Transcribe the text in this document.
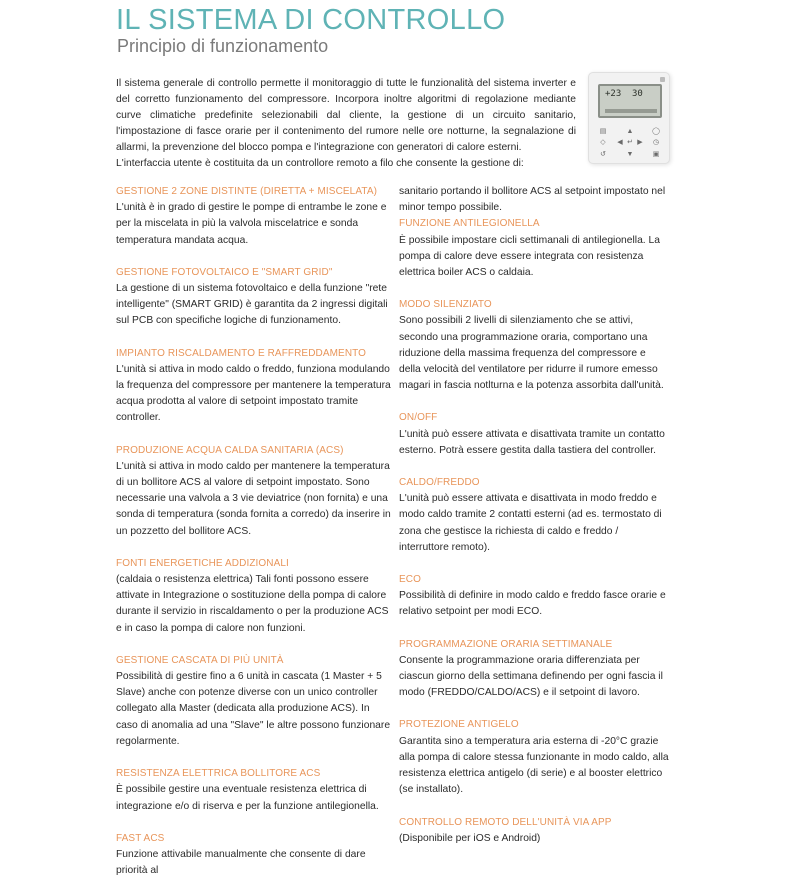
IL SISTEMA DI CONTROLLO
Principio di funzionamento

Il sistema generale di controllo permette il monitoraggio di tutte le funzionalità del sistema inverter e del corretto funzionamento del compressore. Incorpora inoltre algoritmi di regolazione mediante curve climatiche predefinite selezionabili dal cliente, la gestione di un circuito sanitario, l'impostazione di fasce orarie per il contenimento del rumore nelle ore notturne, la segnalazione di allarmi, la prevenzione del blocco pompa e l'integrazione con generatori di calore esterni.

L'interfaccia utente è costituita da un controllore remoto a filo che consente la gestione di:

+23 30
▤	▲	◯
◇	◀ ↵ ▶	◷
↺	▼	▣

GESTIONE 2 ZONE DISTINTE (DIRETTA + MISCELATA)

L'unità è in grado di gestire le pompe di entrambe le zone e per la miscelata in più la valvola miscelatrice e sonda temperatura mandata acqua.

GESTIONE FOTOVOLTAICO E "SMART GRID"

La gestione di un sistema fotovoltaico e della funzione "rete intelligente" (SMART GRID) è garantita da 2 ingressi digitali sul PCB con specifiche logiche di funzionamento.

IMPIANTO RISCALDAMENTO E RAFFREDDAMENTO

L'unità si attiva in modo caldo o freddo, funziona modulando la frequenza del compressore per mantenere la temperatura acqua prodotta al valore di setpoint impostato tramite controller.

PRODUZIONE ACQUA CALDA SANITARIA (ACS)

L'unità si attiva in modo caldo per mantenere la temperatura di un bollitore ACS al valore di setpoint impostato. Sono necessarie una valvola a 3 vie deviatrice (non fornita) e una sonda di temperatura (sonda fornita a corredo) da inserire in un pozzetto del bollitore ACS.

FONTI ENERGETICHE ADDIZIONALI

(caldaia o resistenza elettrica) Tali fonti possono essere attivate in Integrazione o sostituzione della pompa di calore durante il servizio in riscaldamento o per la produzione ACS e in caso la pompa di calore non funzioni.

GESTIONE CASCATA DI PIÙ UNITÀ

Possibilità di gestire fino a 6 unità in cascata (1 Master + 5 Slave) anche con potenze diverse con un unico controller collegato alla Master (dedicata alla produzione ACS). In caso di anomalia ad una "Slave" le altre possono funzionare regolarmente.

RESISTENZA ELETTRICA BOLLITORE ACS

È possibile gestire una eventuale resistenza elettrica di integrazione e/o di riserva e per la funzione antilegionella.

FAST ACS

Funzione attivabile manualmente che consente di dare priorità al

sanitario portando il bollitore ACS al setpoint impostato nel minor tempo possibile.

FUNZIONE ANTILEGIONELLA

È possibile impostare cicli settimanali di antilegionella. La pompa di calore deve essere integrata con resistenza elettrica boiler ACS o caldaia.

MODO SILENZIATO

Sono possibili 2 livelli di silenziamento che se attivi, secondo una programmazione oraria, comportano una riduzione della massima frequenza del compressore e della velocità del ventilatore per ridurre il rumore emesso magari in fascia notlturna e la potenza assorbita dall'unità.

ON/OFF

L'unità può essere attivata e disattivata tramite un contatto esterno. Potrà essere gestita dalla tastiera del controller.

CALDO/FREDDO

L'unità può essere attivata e disattivata in modo freddo e modo caldo tramite 2 contatti esterni (ad es. termostato di zona che gestisce la richiesta di caldo e freddo / interruttore remoto).

ECO

Possibilità di definire in modo caldo e freddo fasce orarie e relativo setpoint per modi ECO.

PROGRAMMAZIONE ORARIA SETTIMANALE

Consente la programmazione oraria differenziata per ciascun giorno della settimana definendo per ogni fascia il modo (FREDDO/CALDO/ACS) e il setpoint di lavoro.

PROTEZIONE ANTIGELO

Garantita sino a temperatura aria esterna di -20°C grazie alla pompa di calore stessa funzionante in modo caldo, alla resistenza elettrica antigelo (di serie) e al booster elettrico (se installato).

CONTROLLO REMOTO DELL'UNITÀ VIA APP

(Disponibile per iOS e Android)
